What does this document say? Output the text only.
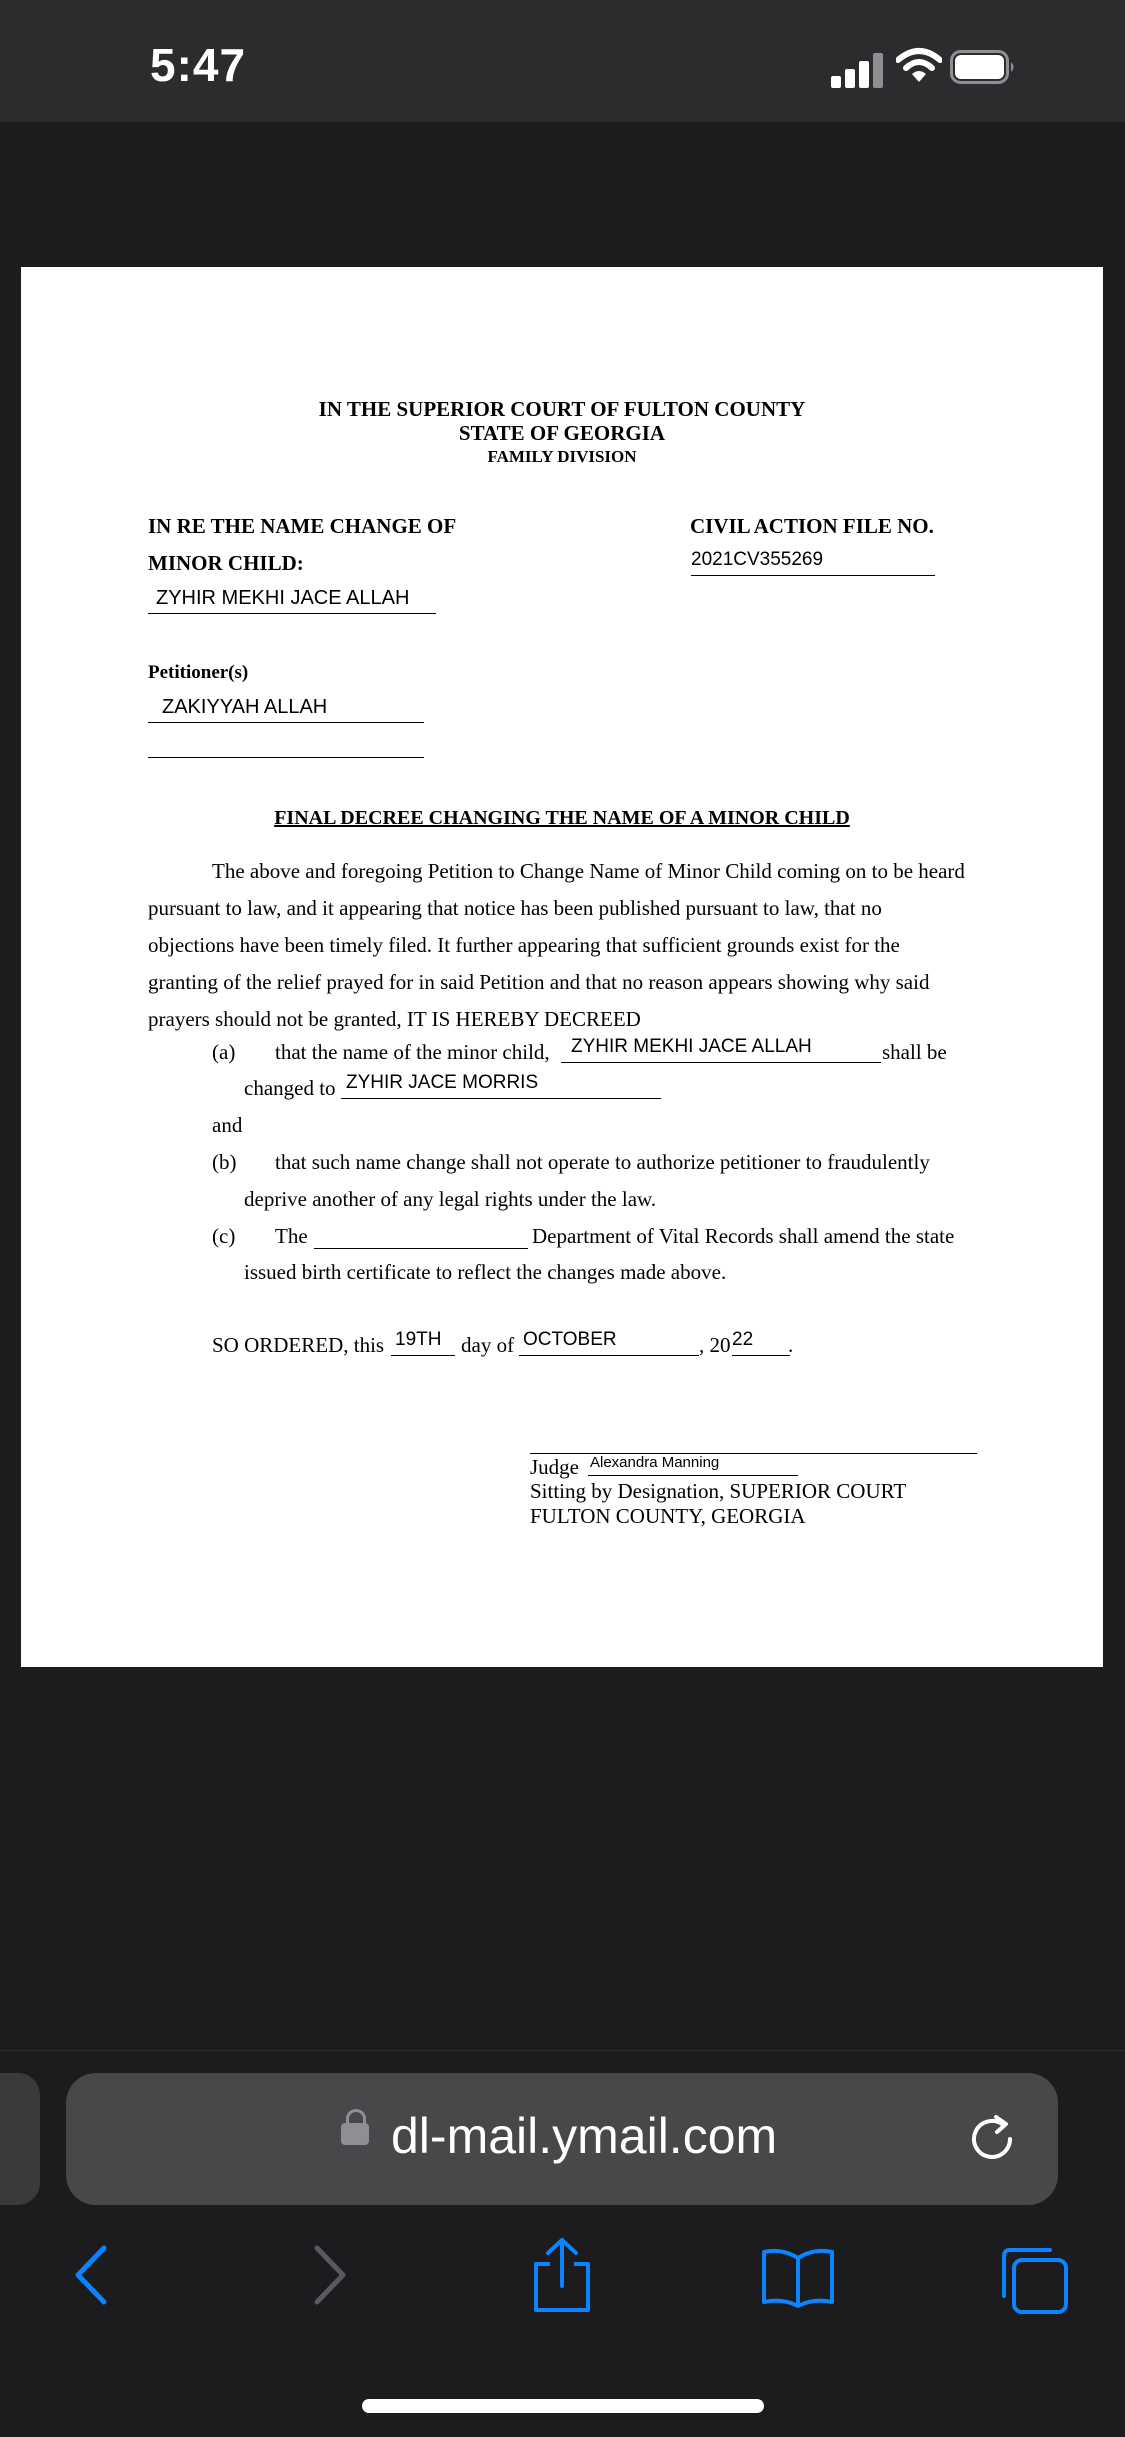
5:47
IN THE SUPERIOR COURT OF FULTON COUNTY
STATE OF GEORGIA
FAMILY DIVISION
IN RE THE NAME CHANGE OF
MINOR CHILD:
ZYHIR MEKHI JACE ALLAH
CIVIL ACTION FILE NO.
2021CV355269
Petitioner(s)
ZAKIYYAH ALLAH
FINAL DECREE CHANGING THE NAME OF A MINOR CHILD
The above and foregoing Petition to Change Name of Minor Child coming on to be heard
pursuant to law, and it appearing that notice has been published pursuant to law, that no
objections have been timely filed. It further appearing that sufficient grounds exist for the
granting of the relief prayed for in said Petition and that no reason appears showing why said
prayers should not be granted, IT IS HEREBY DECREED
(a) that the name of the minor child,	ZYHIR MEKHI JACE ALLAH	shall be
changed to ZYHIR JACE MORRIS
and
(b) that such name change shall not operate to authorize petitioner to fraudulently
deprive another of any legal rights under the law.
(c) The	Department of Vital Records shall amend the state
issued birth certificate to reflect the changes made above.
SO ORDERED, this 19TH day of OCTOBER	, 20 22	.
Judge Alexandra Manning
Sitting by Designation, SUPERIOR COURT
FULTON COUNTY, GEORGIA
dl-mail.ymail.com
